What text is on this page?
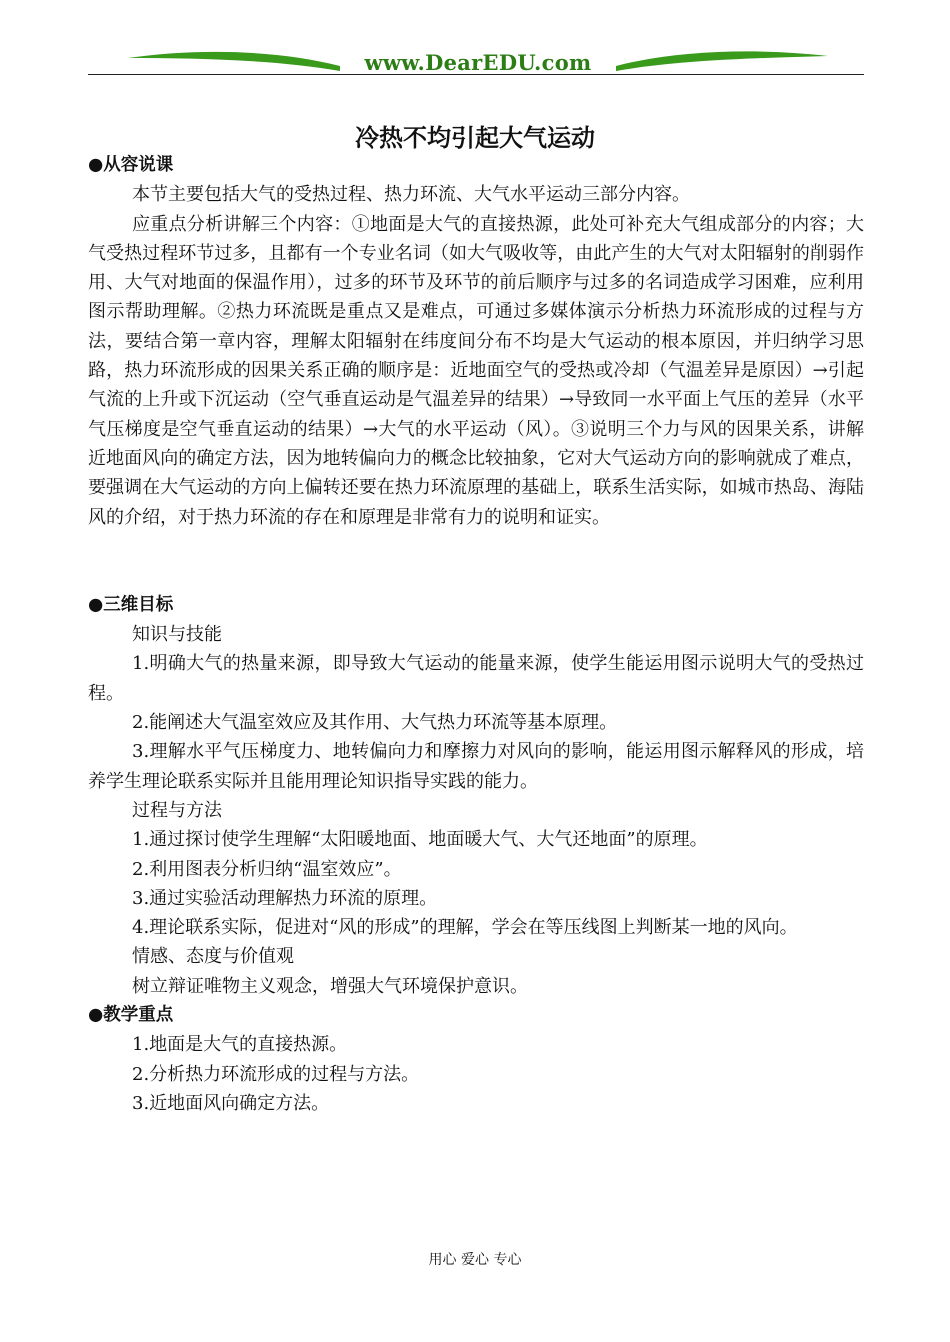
www.DearEDU.com
冷热不均引起大气运动

●从容说课

本节主要包括大气的受热过程、热力环流、大气水平运动三部分内容。

应重点分析讲解三个内容：①地面是大气的直接热源，此处可补充大气组成部分的内容；大气受热过程环节过多，且都有一个专业名词（如大气吸收等，由此产生的大气对太阳辐射的削弱作用、大气对地面的保温作用），过多的环节及环节的前后顺序与过多的名词造成学习困难，应利用图示帮助理解。②热力环流既是重点又是难点，可通过多媒体演示分析热力环流形成的过程与方法，要结合第一章内容，理解太阳辐射在纬度间分布不均是大气运动的根本原因，并归纳学习思路，热力环流形成的因果关系正确的顺序是：近地面空气的受热或冷却（气温差异是原因）→引起气流的上升或下沉运动（空气垂直运动是气温差异的结果）→导致同一水平面上气压的差异（水平气压梯度是空气垂直运动的结果）→大气的水平运动（风）。③说明三个力与风的因果关系，讲解近地面风向的确定方法，因为地转偏向力的概念比较抽象，它对大气运动方向的影响就成了难点，要强调在大气运动的方向上偏转还要在热力环流原理的基础上，联系生活实际，如城市热岛、海陆风的介绍，对于热力环流的存在和原理是非常有力的说明和证实。

●三维目标

知识与技能

1.明确大气的热量来源，即导致大气运动的能量来源，使学生能运用图示说明大气的受热过程。

2.能阐述大气温室效应及其作用、大气热力环流等基本原理。

3.理解水平气压梯度力、地转偏向力和摩擦力对风向的影响，能运用图示解释风的形成，培养学生理论联系实际并且能用理论知识指导实践的能力。

过程与方法

1.通过探讨使学生理解“太阳暖地面、地面暖大气、大气还地面”的原理。

2.利用图表分析归纳“温室效应”。

3.通过实验活动理解热力环流的原理。

4.理论联系实际，促进对“风的形成”的理解，学会在等压线图上判断某一地的风向。

情感、态度与价值观

树立辩证唯物主义观念，增强大气环境保护意识。

●教学重点

1.地面是大气的直接热源。

2.分析热力环流形成的过程与方法。

3.近地面风向确定方法。

用心 爱心 专心
